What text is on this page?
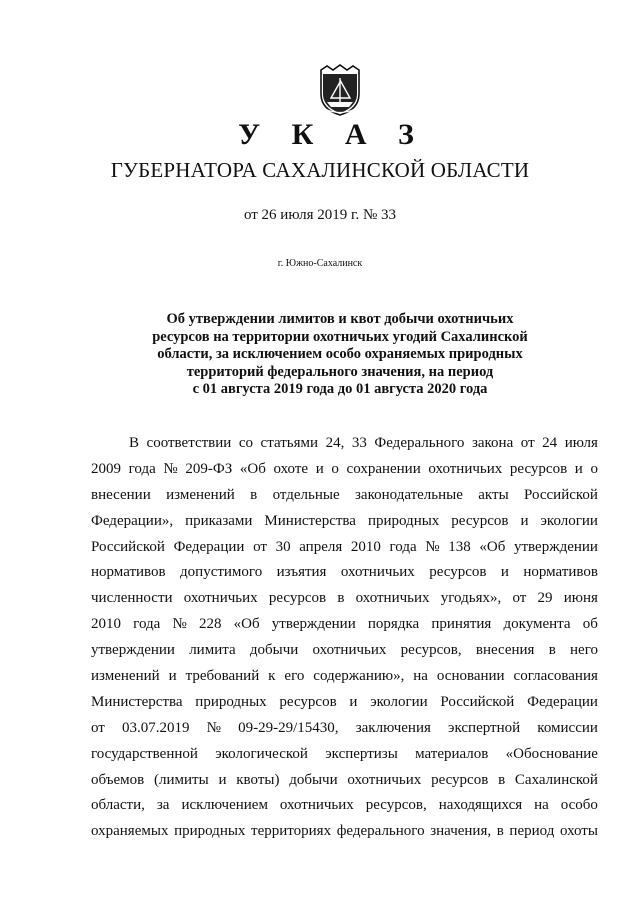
У К А З
ГУБЕРНАТОРА САХАЛИНСКОЙ ОБЛАСТИ
от 26 июля 2019 г. № 33
г. Южно-Сахалинск
Об утверждении лимитов и квот добычи охотничьих
ресурсов на территории охотничьих угодий Сахалинской
области, за исключением особо охраняемых природных
территорий федерального значения, на период
с 01 августа 2019 года до 01 августа 2020 года
В соответствии со статьями 24, 33 Федерального закона от 24 июля
2009 года № 209-ФЗ «Об охоте и о сохранении охотничьих ресурсов и о
внесении изменений в отдельные законодательные акты Российской
Федерации», приказами Министерства природных ресурсов и экологии
Российской Федерации от 30 апреля 2010 года № 138 «Об утверждении
нормативов допустимого изъятия охотничьих ресурсов и нормативов
численности охотничьих ресурсов в охотничьих угодьях», от 29 июня
2010 года № 228 «Об утверждении порядка принятия документа об
утверждении лимита добычи охотничьих ресурсов, внесения в него
изменений и требований к его содержанию», на основании согласования
Министерства природных ресурсов и экологии Российской Федерации
от 03.07.2019 № 09-29-29/15430, заключения экспертной комиссии
государственной экологической экспертизы материалов «Обоснование
объемов (лимиты и квоты) добычи охотничьих ресурсов в Сахалинской
области, за исключением охотничьих ресурсов, находящихся на особо
охраняемых природных территориях федерального значения, в период охоты
